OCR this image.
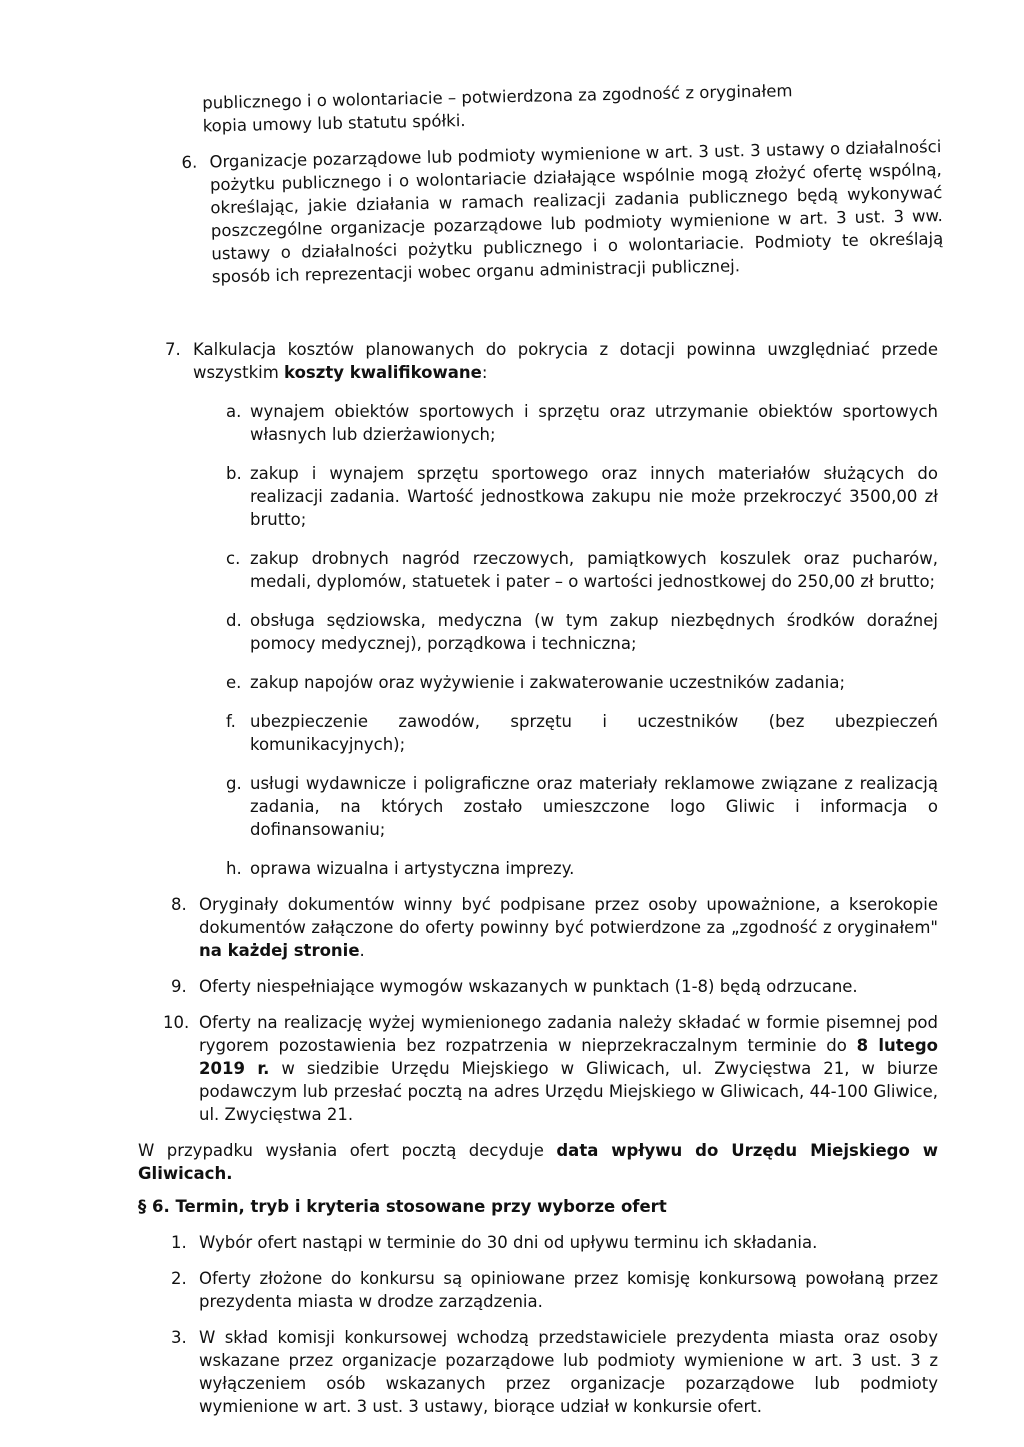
publicznego i o wolontariacie – potwierdzona za zgodność z oryginałem
kopia umowy lub statutu spółki.
6. Organizacje pozarządowe lub podmioty wymienione w art. 3 ust. 3 ustawy o działalności pożytku publicznego i o wolontariacie działające wspólnie mogą złożyć ofertę wspólną, określając, jakie działania w ramach realizacji zadania publicznego będą wykonywać poszczególne organizacje pozarządowe lub podmioty wymienione w art. 3 ust. 3 ww. ustawy o działalności pożytku publicznego i o wolontariacie. Podmioty te określają sposób ich reprezentacji wobec organu administracji publicznej.
7. Kalkulacja kosztów planowanych do pokrycia z dotacji powinna uwzględniać przede wszystkim koszty kwalifikowane:
a. wynajem obiektów sportowych i sprzętu oraz utrzymanie obiektów sportowych własnych lub dzierżawionych;
b. zakup i wynajem sprzętu sportowego oraz innych materiałów służących do realizacji zadania. Wartość jednostkowa zakupu nie może przekroczyć 3500,00 zł brutto;
c. zakup drobnych nagród rzeczowych, pamiątkowych koszulek oraz pucharów, medali, dyplomów, statuetek i pater – o wartości jednostkowej do 250,00 zł brutto;
d. obsługa sędziowska, medyczna (w tym zakup niezbędnych środków doraźnej pomocy medycznej), porządkowa i techniczna;
e. zakup napojów oraz wyżywienie i zakwaterowanie uczestników zadania;
f. ubezpieczenie zawodów, sprzętu i uczestników (bez ubezpieczeń komunikacyjnych);
g. usługi wydawnicze i poligraficzne oraz materiały reklamowe związane z realizacją zadania, na których zostało umieszczone logo Gliwic i informacja o dofinansowaniu;
h. oprawa wizualna i artystyczna imprezy.
8. Oryginały dokumentów winny być podpisane przez osoby upoważnione, a kserokopie dokumentów załączone do oferty powinny być potwierdzone za „zgodność z oryginałem" na każdej stronie.
9. Oferty niespełniające wymogów wskazanych w punktach (1-8) będą odrzucane.
10. Oferty na realizację wyżej wymienionego zadania należy składać w formie pisemnej pod rygorem pozostawienia bez rozpatrzenia w nieprzekraczalnym terminie do 8 lutego 2019 r. w siedzibie Urzędu Miejskiego w Gliwicach, ul. Zwycięstwa 21, w biurze podawczym lub przesłać pocztą na adres Urzędu Miejskiego w Gliwicach, 44-100 Gliwice, ul. Zwycięstwa 21.

W przypadku wysłania ofert pocztą decyduje data wpływu do Urzędu Miejskiego w Gliwicach.

§ 6. Termin, tryb i kryteria stosowane przy wyborze ofert
1. Wybór ofert nastąpi w terminie do 30 dni od upływu terminu ich składania.
2. Oferty złożone do konkursu są opiniowane przez komisję konkursową powołaną przez prezydenta miasta w drodze zarządzenia.
3. W skład komisji konkursowej wchodzą przedstawiciele prezydenta miasta oraz osoby wskazane przez organizacje pozarządowe lub podmioty wymienione w art. 3 ust. 3 z wyłączeniem osób wskazanych przez organizacje pozarządowe lub podmioty wymienione w art. 3 ust. 3 ustawy, biorące udział w konkursie ofert.
